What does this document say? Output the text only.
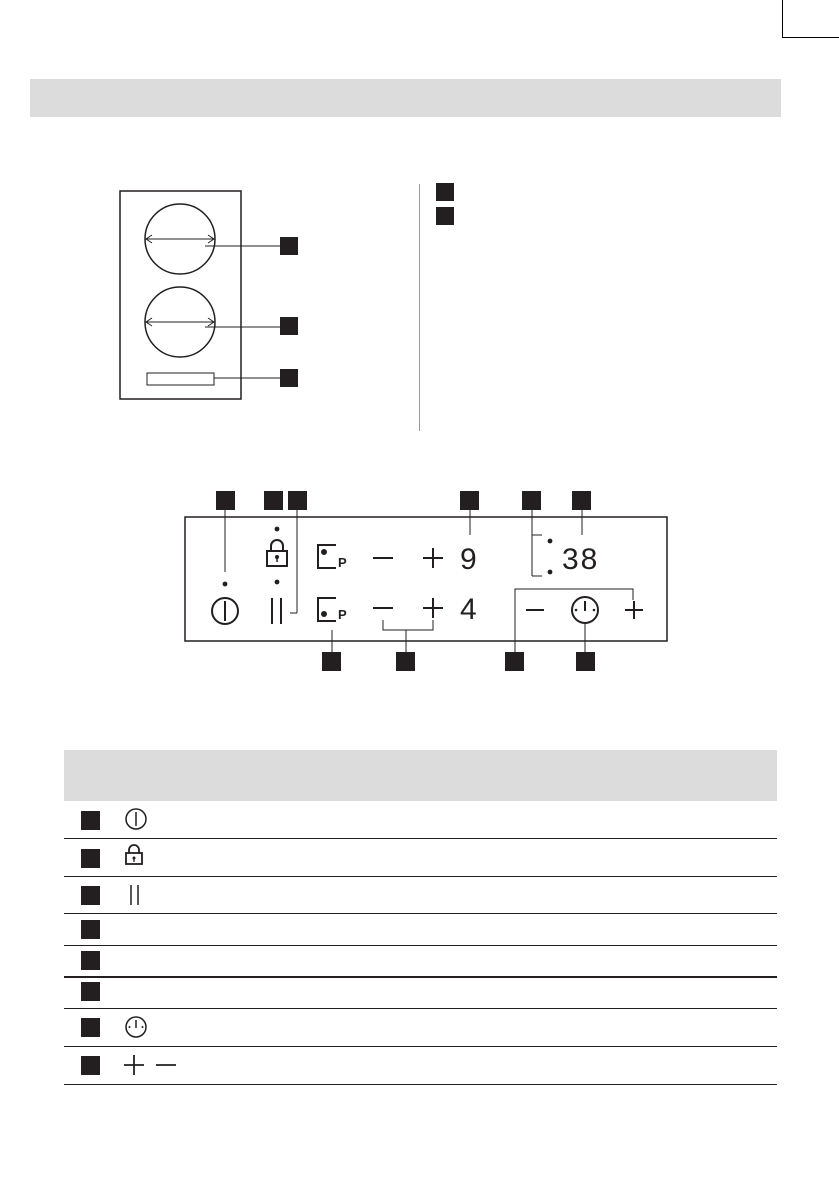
P
P
9
4
38
